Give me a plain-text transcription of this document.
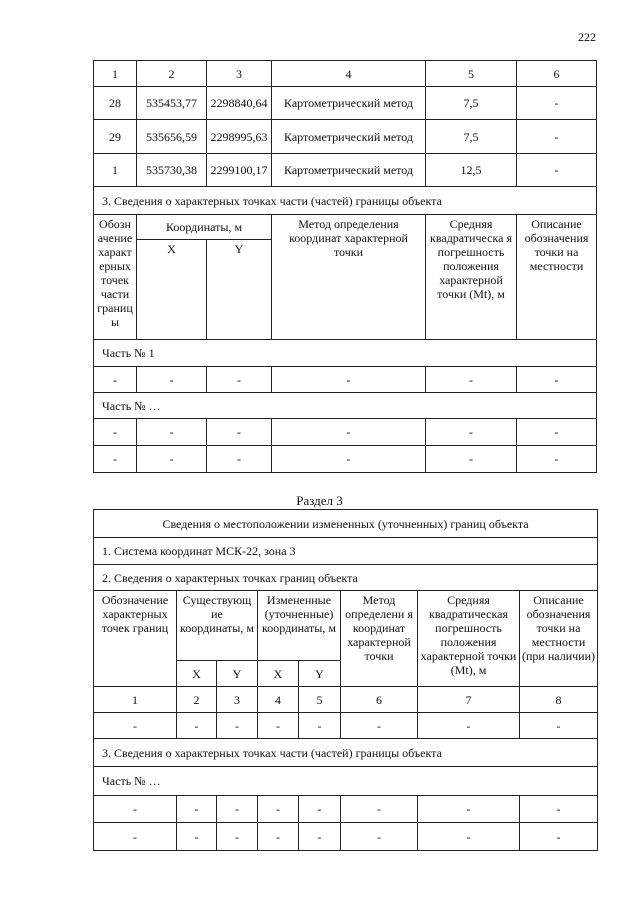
222
1	2	3	4	5	6
28	535453,77	2298840,64	Картометрический метод	7,5	-
29	535656,59	2298995,63	Картометрический метод	7,5	-
1	535730,38	2299100,17	Картометрический метод	12,5	-
3. Сведения о характерных точках части (частей) границы объекта					
Обозн ачение характ ерных точек части границ ы	Координаты, м		Метод определения координат характерной точки	Средняя квадратическа я погрешность положения характерной точки (Mt), м	Описание обозначения точки на местности
	X	Y			
Часть № 1					
-	-	-	-	-	-
Часть № …					
-	-	-	-	-	-
-	-	-	-	-	-
Раздел 3
Сведения о местоположении измененных (уточненных) границ объекта							
1. Система координат МСК-22, зона 3							
2. Сведения о характерных точках границ объекта							
Обозначение характерных точек границ	Существующ ие координаты, м		Измененные (уточненные) координаты, м		Метод определени я координат характерной точки	Средняя квадратическая погрешность положения характерной точки (Mt), м	Описание обозначения точки на местности (при наличии)
	X	Y	X	Y			
1	2	3	4	5	6	7	8
-	-	-	-	-	-	-	-
3. Сведения о характерных точках части (частей) границы объекта							
Часть № …							
-	-	-	-	-	-	-	-
-	-	-	-	-	-	-	-
